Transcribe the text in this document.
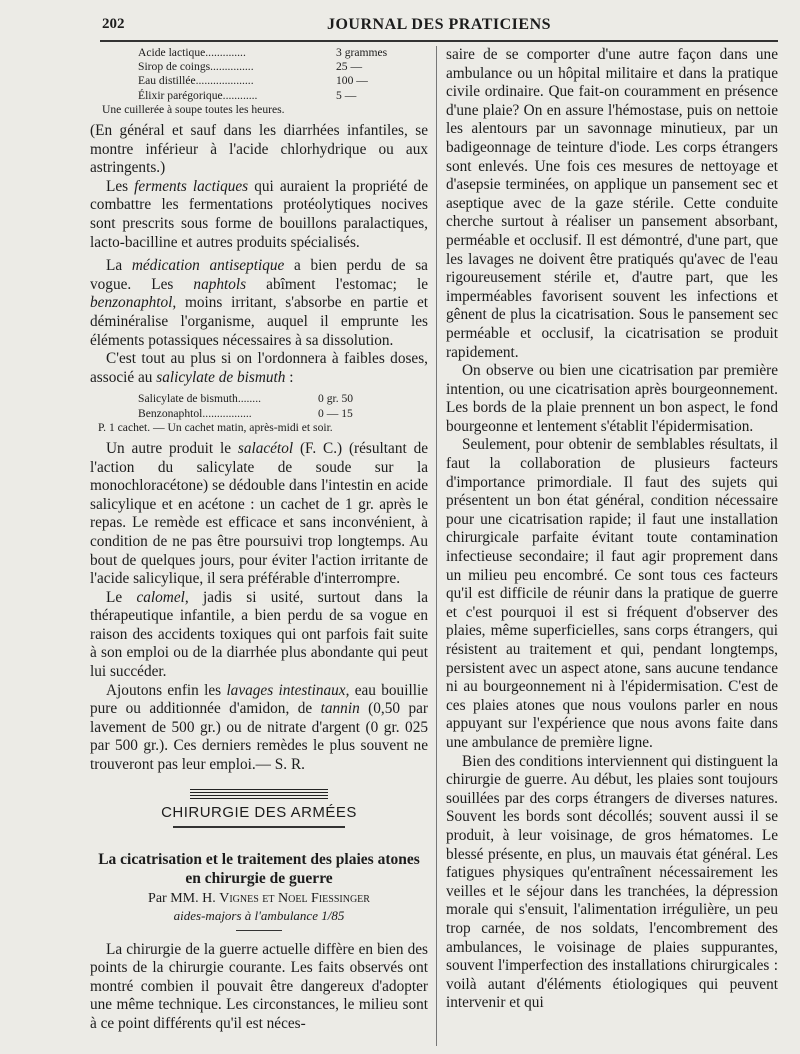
202	JOURNAL DES PRATICIENS
Acide lactique..............	3 grammes
Sirop de coings...............	25 —
Eau distillée....................	100 —
Élixir parégorique............	5 —
Une cuillerée à soupe toutes les heures.

(En général et sauf dans les diarrhées infantiles, se montre inférieur à l'acide chlorhydrique ou aux astringents.)

Les ferments lactiques qui auraient la propriété de combattre les fermentations protéolytiques nocives sont prescrits sous forme de bouillons paralactiques, lacto-bacilline et autres produits spécialisés.

La médication antiseptique a bien perdu de sa vogue. Les naphtols abîment l'estomac; le benzonaphtol, moins irritant, s'absorbe en partie et déminéralise l'organisme, auquel il emprunte les éléments potassiques nécessaires à sa dissolution.

C'est tout au plus si on l'ordonnera à faibles doses, associé au salicylate de bismuth :

Salicylate de bismuth........	0 gr. 50
Benzonaphtol.................	0 — 15
P. 1 cachet. — Un cachet matin, après-midi et soir.

Un autre produit le salacétol (F. C.) (résultant de l'action du salicylate de soude sur la monochloracétone) se dédouble dans l'intestin en acide salicylique et en acétone : un cachet de 1 gr. après le repas. Le remède est efficace et sans inconvénient, à condition de ne pas être poursuivi trop longtemps. Au bout de quelques jours, pour éviter l'action irritante de l'acide salicylique, il sera préférable d'interrompre.

Le calomel, jadis si usité, surtout dans la thérapeutique infantile, a bien perdu de sa vogue en raison des accidents toxiques qui ont parfois fait suite à son emploi ou de la diarrhée plus abondante qui peut lui succéder.

Ajoutons enfin les lavages intestinaux, eau bouillie pure ou additionnée d'amidon, de tannin (0,50 par lavement de 500 gr.) ou de nitrate d'argent (0 gr. 025 par 500 gr.). Ces derniers remèdes le plus souvent ne trouveront pas leur emploi.— S. R.

CHIRURGIE DES ARMÉES
La cicatrisation et le traitement des plaies atones en chirurgie de guerre
Par MM. H. Vignes et Noel Fiessinger
aides-majors à l'ambulance 1/85

La chirurgie de la guerre actuelle diffère en bien des points de la chirurgie courante. Les faits observés ont montré combien il pouvait être dangereux d'adopter une même technique. Les circonstances, le milieu sont à ce point différents qu'il est néces-

saire de se comporter d'une autre façon dans une ambulance ou un hôpital militaire et dans la pratique civile ordinaire. Que fait-on couramment en présence d'une plaie? On en assure l'hémostase, puis on nettoie les alentours par un savonnage minutieux, par un badigeonnage de teinture d'iode. Les corps étrangers sont enlevés. Une fois ces mesures de nettoyage et d'asepsie terminées, on applique un pansement sec et aseptique avec de la gaze stérile. Cette conduite cherche surtout à réaliser un pansement absorbant, perméable et occlusif. Il est démontré, d'une part, que les lavages ne doivent être pratiqués qu'avec de l'eau rigoureusement stérile et, d'autre part, que les imperméables favorisent souvent les infections et gênent de plus la cicatrisation. Sous le pansement sec perméable et occlusif, la cicatrisation se produit rapidement.

On observe ou bien une cicatrisation par première intention, ou une cicatrisation après bourgeonnement. Les bords de la plaie prennent un bon aspect, le fond bourgeonne et lentement s'établit l'épidermisation.

Seulement, pour obtenir de semblables résultats, il faut la collaboration de plusieurs facteurs d'importance primordiale. Il faut des sujets qui présentent un bon état général, condition nécessaire pour une cicatrisation rapide; il faut une installation chirurgicale parfaite évitant toute contamination infectieuse secondaire; il faut agir proprement dans un milieu peu encombré. Ce sont tous ces facteurs qu'il est difficile de réunir dans la pratique de guerre et c'est pourquoi il est si fréquent d'observer des plaies, même superficielles, sans corps étrangers, qui résistent au traitement et qui, pendant longtemps, persistent avec un aspect atone, sans aucune tendance ni au bourgeonnement ni à l'épidermisation. C'est de ces plaies atones que nous voulons parler en nous appuyant sur l'expérience que nous avons faite dans une ambulance de première ligne.

Bien des conditions interviennent qui distinguent la chirurgie de guerre. Au début, les plaies sont toujours souillées par des corps étrangers de diverses natures. Souvent les bords sont décollés; souvent aussi il se produit, à leur voisinage, de gros hématomes. Le blessé présente, en plus, un mauvais état général. Les fatigues physiques qu'entraînent nécessairement les veilles et le séjour dans les tranchées, la dépression morale qui s'ensuit, l'alimentation irrégulière, un peu trop carnée, de nos soldats, l'encombrement des ambulances, le voisinage de plaies suppurantes, souvent l'imperfection des installations chirurgicales : voilà autant d'éléments étiologiques qui peuvent intervenir et qui
